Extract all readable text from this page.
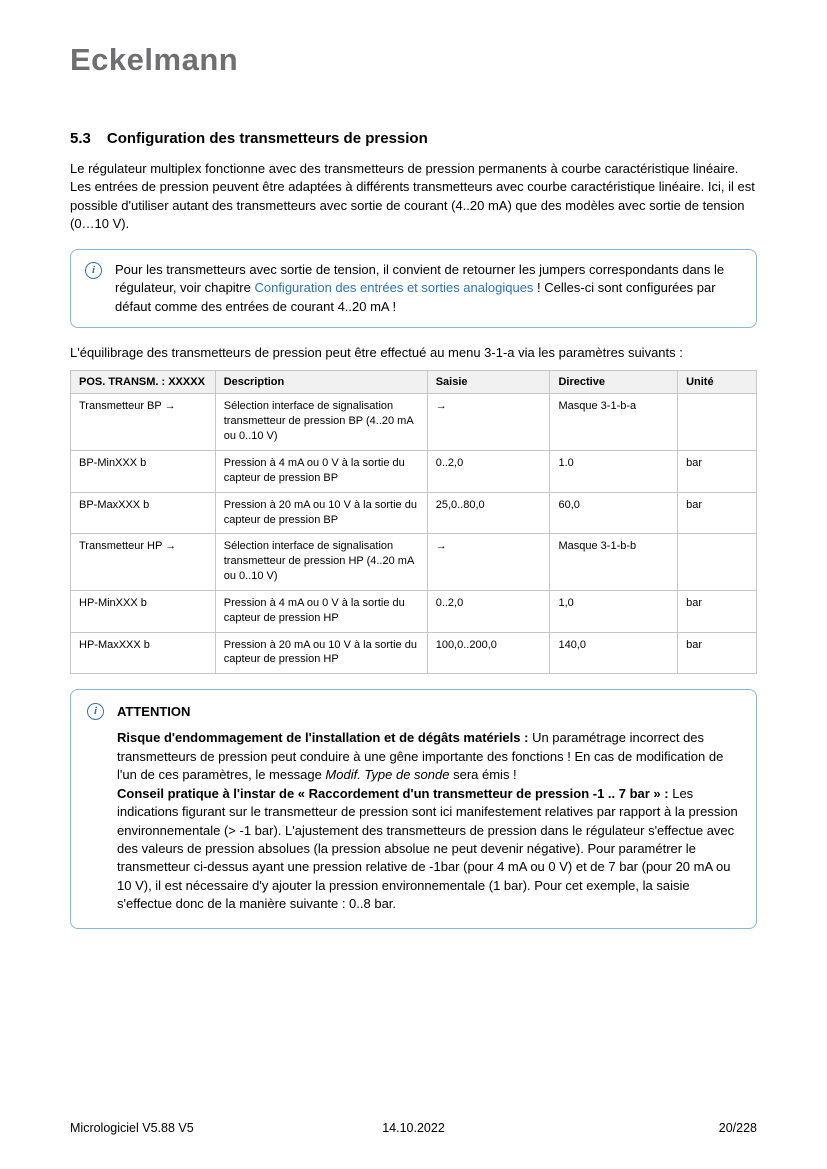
Eckelmann
5.3 Configuration des transmetteurs de pression

Le régulateur multiplex fonctionne avec des transmetteurs de pression permanents à courbe caractéristique linéaire. Les entrées de pression peuvent être adaptées à différents transmetteurs avec courbe caractéristique linéaire. Ici, il est possible d'utiliser autant des transmetteurs avec sortie de courant (4..20 mA) que des modèles avec sortie de tension (0…10 V).

i	Pour les transmetteurs avec sortie de tension, il convient de retourner les jumpers correspondants dans le régulateur, voir chapitre Configuration des entrées et sorties analogiques ! Celles-ci sont configurées par défaut comme des entrées de courant 4..20 mA !

L'équilibrage des transmetteurs de pression peut être effectué au menu 3-1-a via les paramètres suivants :

POS. TRANSM. : XXXXX	Description	Saisie	Directive	Unité
Transmetteur BP →	Sélection interface de signalisation transmetteur de pression BP (4..20 mA ou 0..10 V)	→	Masque 3-1-b-a	
BP-MinXXX b	Pression à 4 mA ou 0 V à la sortie du capteur de pression BP	0..2,0	1.0	bar
BP-MaxXXX b	Pression à 20 mA ou 10 V à la sortie du capteur de pression BP	25,0..80,0	60,0	bar
Transmetteur HP →	Sélection interface de signalisation transmetteur de pression HP (4..20 mA ou 0..10 V)	→	Masque 3-1-b-b	
HP-MinXXX b	Pression à 4 mA ou 0 V à la sortie du capteur de pression HP	0..2,0	1,0	bar
HP-MaxXXX b	Pression à 20 mA ou 10 V à la sortie du capteur de pression HP	100,0..200,0	140,0	bar
i	ATTENTION

Risque d'endommagement de l'installation et de dégâts matériels : Un paramétrage incorrect des transmetteurs de pression peut conduire à une gêne importante des fonctions ! En cas de modification de l'un de ces paramètres, le message Modif. Type de sonde sera émis !

Conseil pratique à l'instar de « Raccordement d'un transmetteur de pression -1 .. 7 bar » : Les indications figurant sur le transmetteur de pression sont ici manifestement relatives par rapport à la pression environnementale (> -1 bar). L'ajustement des transmetteurs de pression dans le régulateur s'effectue avec des valeurs de pression absolues (la pression absolue ne peut devenir négative). Pour paramétrer le transmetteur ci-dessus ayant une pression relative de -1bar (pour 4 mA ou 0 V) et de 7 bar (pour 20 mA ou 10 V), il est nécessaire d'y ajouter la pression environnementale (1 bar). Pour cet exemple, la saisie s'effectue donc de la manière suivante : 0..8 bar.

Micrologiciel V5.88 V5	14.10.2022	20/228
